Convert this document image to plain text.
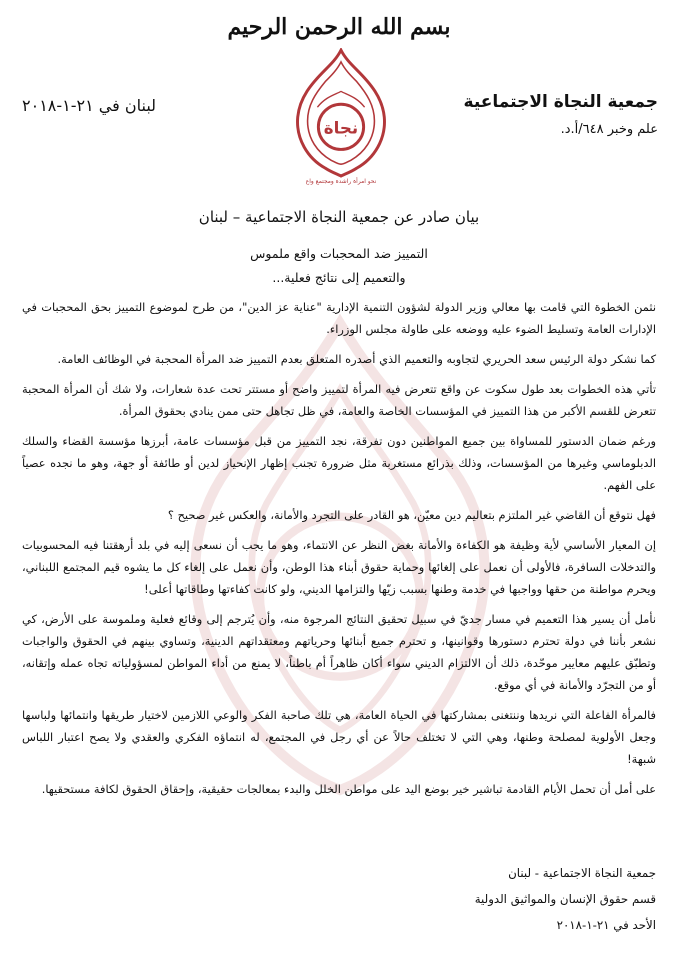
بسم الله الرحمن الرحيم
جمعية النجاة الاجتماعية
علم وخبر ٦٤٨/أ.د.
لبنان في ٢١-١-٢٠١٨
نجاة
نحو امرأة راشدة ومجتمع واع
بيان صادر عن جمعية النجاة الاجتماعية – لبنان
التمييز ضد المحجبات واقع ملموس
والتعميم إلى نتائج فعلية...

نثمن الخطوة التي قامت بها معالي وزير الدولة لشؤون التنمية الإدارية "عناية عز الدين"، من طرح لموضوع التمييز بحق المحجبات في الإدارات العامة وتسليط الضوء عليه ووضعه على طاولة مجلس الوزراء.

كما نشكر دولة الرئيس سعد الحريري لتجاوبه والتعميم الذي أصدره المتعلق بعدم التمييز ضد المرأة المحجبة في الوظائف العامة.

تأتي هذه الخطوات بعد طول سكوت عن واقع تتعرض فيه المرأة لتمييز واضح أو مستتر تحت عدة شعارات، ولا شك أن المرأة المحجبة تتعرض للقسم الأكبر من هذا التمييز في المؤسسات الخاصة والعامة، في ظل تجاهل حتى ممن ينادي بحقوق المرأة.

ورغم ضمان الدستور للمساواة بين جميع المواطنين دون تفرقة، نجد التمييز من قبل مؤسسات عامة، أبرزها مؤسسة القضاء والسلك الدبلوماسي وغيرها من المؤسسات، وذلك بذرائع مستغربة مثل ضرورة تجنب إظهار الإنحياز لدين أو طائفة أو جهة، وهو ما نجده عصياً على الفهم.

فهل نتوقع أن القاضي غير الملتزم بتعاليم دين معيّن، هو القادر على التجرد والأمانة، والعكس غير صحيح ؟

إن المعيار الأساسي لأية وظيفة هو الكفاءة والأمانة بغض النظر عن الانتماء، وهو ما يجب أن نسعى إليه في بلد أرهقتنا فيه المحسوبيات والتدخلات السافرة، فالأولى أن نعمل على إلغائها وحماية حقوق أبناء هذا الوطن، وأن نعمل على إلغاء كل ما يشوه قيم المجتمع اللبناني، ويحرم مواطنة من حقها وواجبها في خدمة وطنها بسبب زيّها والتزامها الديني، ولو كانت كفاءتها وطاقاتها أعلى!

نأمل أن يسير هذا التعميم في مسار جديّ في سبيل تحقيق النتائج المرجوة منه، وأن يُترجم إلى وقائع فعلية وملموسة على الأرض، كي نشعر بأننا في دولة تحترم دستورها وقوانينها، و تحترم جميع أبنائها وحرياتهم ومعتقداتهم الدينية، وتساوي بينهم في الحقوق والواجبات وتطبّق عليهم معايير موحّدة، ذلك أن الالتزام الديني سواء أكان ظاهراً أم باطناً، لا يمنع من أداء المواطن لمسؤولياته تجاه عمله وإتقانه، أو من التجرّد والأمانة في أي موقع.

فالمرأة الفاعلة التي نريدها وننتغنى بمشاركتها في الحياة العامة، هي تلك صاحبة الفكر والوعي اللازمين لاختيار طريقها وانتمائها ولباسها وجعل الأولوية لمصلحة وطنها، وهي التي لا تختلف حالاً عن أي رجل في المجتمع، له انتماؤه الفكري والعقدي ولا يصح اعتبار اللباس شبهة!

على أمل أن تحمل الأيام القادمة تباشير خير بوضع اليد على مواطن الخلل والبدء بمعالجات حقيقية، وإحقاق الحقوق لكافة مستحقيها.

جمعية النجاة الاجتماعية - لبنان
قسم حقوق الإنسان والمواثيق الدولية
الأحد في ٢١-١-٢٠١٨
